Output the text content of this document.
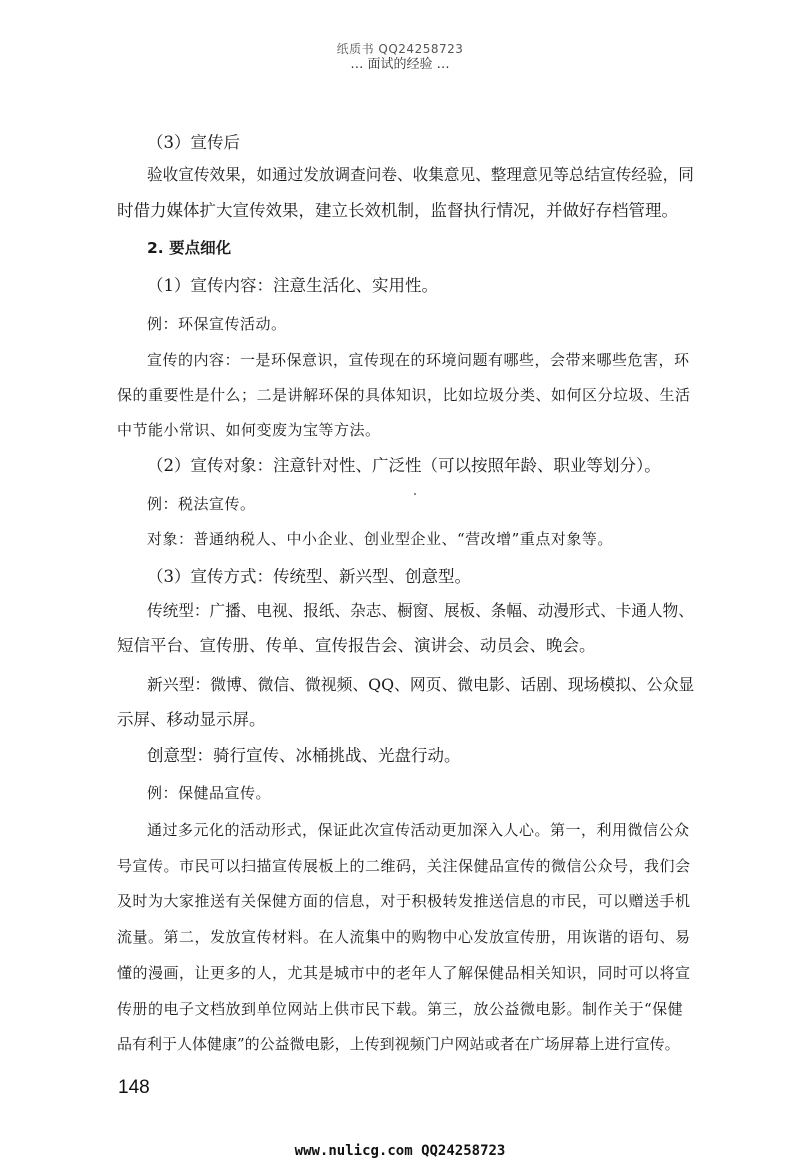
纸质书 QQ24258723
… 面试的经验 …
（3）宣传后
验收宣传效果，如通过发放调查问卷、收集意见、整理意见等总结宣传经验，同
时借力媒体扩大宣传效果，建立长效机制，监督执行情况，并做好存档管理。
2. 要点细化
（1）宣传内容：注意生活化、实用性。
例：环保宣传活动。
宣传的内容：一是环保意识，宣传现在的环境问题有哪些，会带来哪些危害，环
保的重要性是什么；二是讲解环保的具体知识，比如垃圾分类、如何区分垃圾、生活
中节能小常识、如何变废为宝等方法。
（2）宣传对象：注意针对性、广泛性（可以按照年龄、职业等划分）。
例：税法宣传。
对象：普通纳税人、中小企业、创业型企业、“营改增”重点对象等。
（3）宣传方式：传统型、新兴型、创意型。
传统型：广播、电视、报纸、杂志、橱窗、展板、条幅、动漫形式、卡通人物、
短信平台、宣传册、传单、宣传报告会、演讲会、动员会、晚会。
新兴型：微博、微信、微视频、QQ、网页、微电影、话剧、现场模拟、公众显
示屏、移动显示屏。
创意型：骑行宣传、冰桶挑战、光盘行动。
例：保健品宣传。
通过多元化的活动形式，保证此次宣传活动更加深入人心。第一，利用微信公众
号宣传。市民可以扫描宣传展板上的二维码，关注保健品宣传的微信公众号，我们会
及时为大家推送有关保健方面的信息，对于积极转发推送信息的市民，可以赠送手机
流量。第二，发放宣传材料。在人流集中的购物中心发放宣传册，用诙谐的语句、易
懂的漫画，让更多的人，尤其是城市中的老年人了解保健品相关知识，同时可以将宣
传册的电子文档放到单位网站上供市民下载。第三，放公益微电影。制作关于“保健
品有利于人体健康”的公益微电影，上传到视频门户网站或者在广场屏幕上进行宣传。
148
www.nulicg.com QQ24258723
